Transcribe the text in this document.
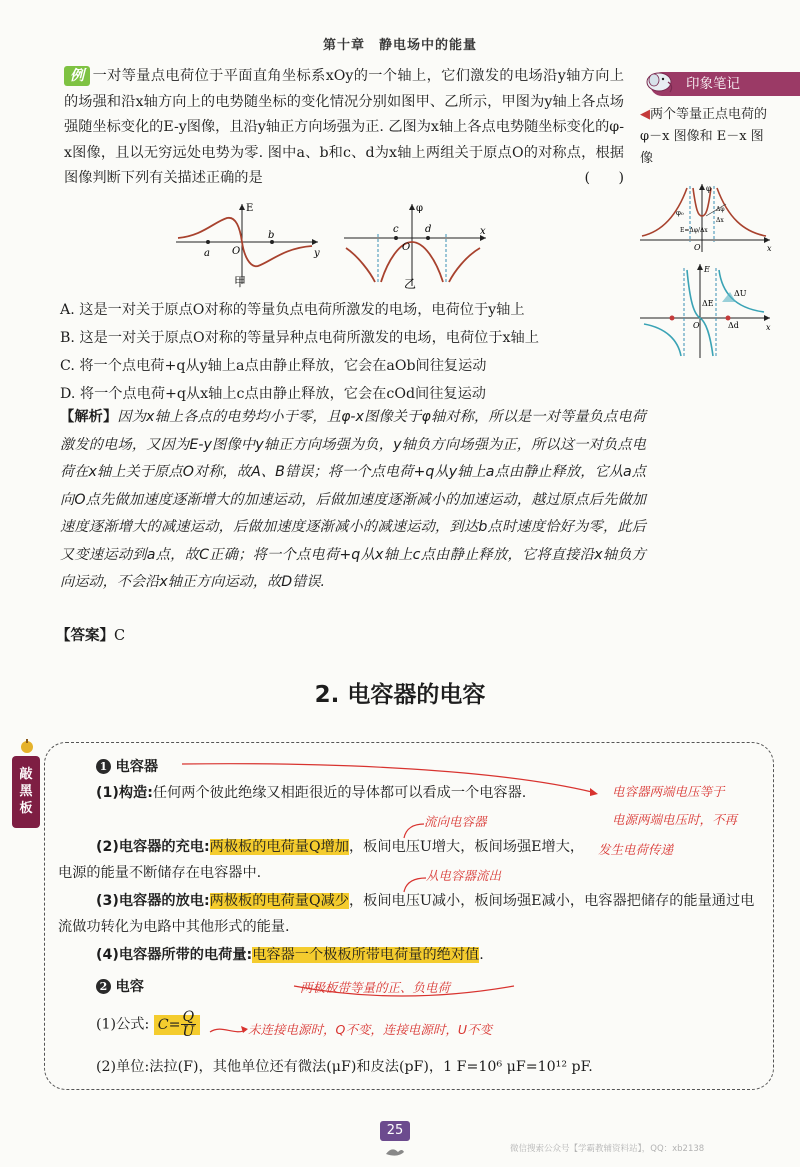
第十章　静电场中的能量
例 一对等量点电荷位于平面直角坐标系xOy的一个轴上，它们激发的电场沿y轴方向上的场强和沿x轴方向上的电势随坐标的变化情况分别如图甲、乙所示，甲图为y轴上各点场强随坐标变化的E-y图像，且沿y轴正方向场强为正. 乙图为x轴上各点电势随坐标变化的φ-x图像，且以无穷远处电势为零. 图中a、b和c、d为x轴上两组关于原点O的对称点，根据图像判断下列有关描述正确的是	(　　)
E
y
O
a
b
甲
φ
x
O
c	d
乙
A. 这是一对关于原点O对称的等量负点电荷所激发的电场，电荷位于y轴上
B. 这是一对关于原点O对称的等量异种点电荷所激发的电场，电荷位于x轴上
C. 将一个点电荷+q从y轴上a点由静止释放，它会在aOb间往复运动
D. 将一个点电荷+q从x轴上c点由静止释放，它会在cOd间往复运动
【解析】因为x轴上各点的电势均小于零，且φ-x图像关于φ轴对称，所以是一对等量负点电荷激发的电场，又因为E-y图像中y轴正方向场强为负，y轴负方向场强为正，所以这一对负点电荷在x轴上关于原点O对称，故A、B错误；将一个点电荷+q从y轴上a点由静止释放，它从a点向O点先做加速度逐渐增大的加速运动，后做加速度逐渐减小的加速运动，越过原点后先做加速度逐渐增大的减速运动，后做加速度逐渐减小的减速运动，到达b点时速度恰好为零，此后又变速运动到a点，故C正确；将一个点电荷+q从x轴上c点由静止释放，它将直接沿x轴负方向运动，不会沿x轴正方向运动，故D错误.
【答案】C
印象笔记
◀两个等量正点电荷的 φ－x 图像和 E－x 图像
φ
x
O
φ₀	Δφ
Δx
E=Δφ/Δx
E
x
O
ΔE
ΔU
Δd
2. 电容器的电容
敲黑板
1 电容器
(1)构造:任何两个彼此绝缘又相距很近的导体都可以看成一个电容器.
(2)电容器的充电:两极板的电荷量Q增加，板间电压U增大，板间场强E增大，电源的能量不断储存在电容器中.
(3)电容器的放电:两极板的电荷量Q减少，板间电压U减小，板间场强E减小，电容器把储存的能量通过电流做功转化为电路中其他形式的能量.
(4)电容器所带的电荷量:电容器一个极板所带电荷量的绝对值.
2 电容
(1)公式: $C= \frac{Q}{U}$
(2)单位:法拉(F)，其他单位还有微法(μF)和皮法(pF)，1 F=10⁶ μF=10¹² pF.
电容器两端电压等于
电源两端电压时，不再
流向电容器
发生电荷传递
从电容器流出
两极板带等量的正、负电荷
未连接电源时，Q不变，连接电源时，U不变
25
微信搜索公众号【学霸教辅资料站】，QQ：xb2138
